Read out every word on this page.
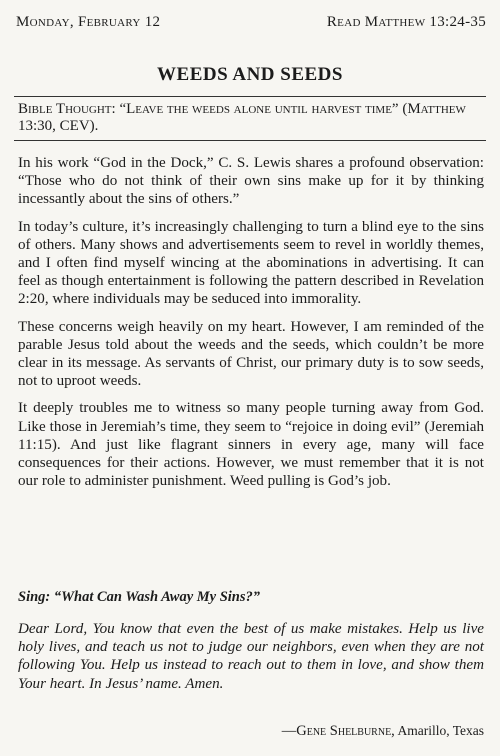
Monday, February 12	Read Matthew 13:24-35
WEEDS AND SEEDS
Bible Thought: “Leave the weeds alone until harvest time” (Matthew 13:30, CEV).

In his work “God in the Dock,” C. S. Lewis shares a profound observation: “Those who do not think of their own sins make up for it by thinking incessantly about the sins of others.”

In today’s culture, it’s increasingly challenging to turn a blind eye to the sins of others. Many shows and advertisements seem to revel in worldly themes, and I often find myself wincing at the abominations in advertising. It can feel as though entertainment is following the pattern described in Revelation 2:20, where individuals may be seduced into immorality.

These concerns weigh heavily on my heart. However, I am reminded of the parable Jesus told about the weeds and the seeds, which couldn’t be more clear in its message. As servants of Christ, our primary duty is to sow seeds, not to uproot weeds.

It deeply troubles me to witness so many people turning away from God. Like those in Jeremiah’s time, they seem to “rejoice in doing evil” (Jeremiah 11:15). And just like flagrant sinners in every age, many will face consequences for their actions. However, we must remember that it is not our role to administer punishment. Weed pulling is God’s job.

Sing: “What Can Wash Away My Sins?”
Dear Lord, You know that even the best of us make mistakes. Help us live holy lives, and teach us not to judge our neighbors, even when they are not following You. Help us instead to reach out to them in love, and show them Your heart. In Jesus’ name. Amen.
—Gene Shelburne, Amarillo, Texas
